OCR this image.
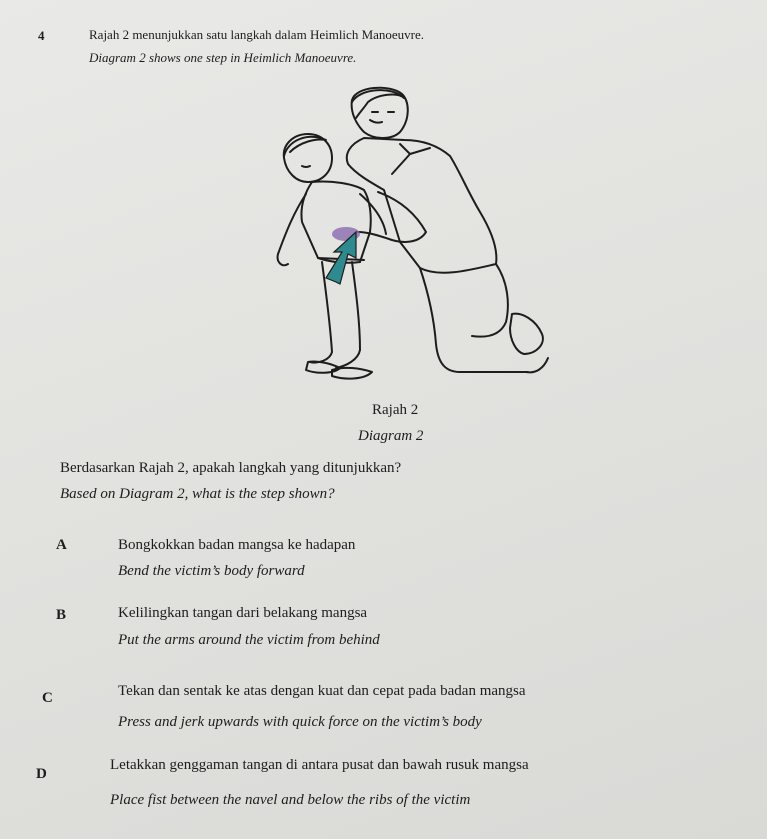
4	Rajah 2 menunjukkan satu langkah dalam Heimlich Manoeuvre.
Diagram 2 shows one step in Heimlich Manoeuvre.
Rajah 2
Diagram 2
Berdasarkan Rajah 2, apakah langkah yang ditunjukkan?
Based on Diagram 2, what is the step shown?
A	Bongkokkan badan mangsa ke hadapan
Bend the victim’s body forward
B	Kelilingkan tangan dari belakang mangsa
Put the arms around the victim from behind
C	Tekan dan sentak ke atas dengan kuat dan cepat pada badan mangsa
Press and jerk upwards with quick force on the victim’s body
D
Letakkan genggaman tangan di antara pusat dan bawah rusuk mangsa
Place fist between the navel and below the ribs of the victim
